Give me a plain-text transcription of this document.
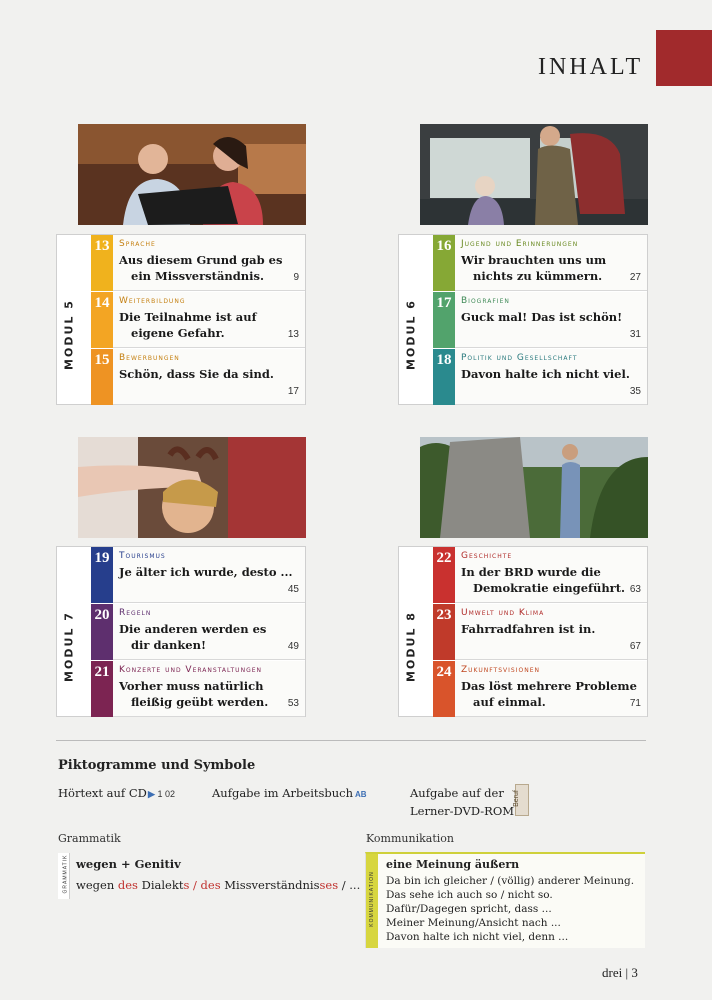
INHALT
MODUL 5
13	Sprache
Aus diesem Grund gab es
ein Missverständnis.	9
14	Weiterbildung
Die Teilnahme ist auf
eigene Gefahr.	13
15	Bewerbungen
Schön, dass Sie da sind.
17
MODUL 6
16	Jugend und Erinnerungen
Wir brauchten uns um
nichts zu kümmern.	27
17	Biografien
Guck mal! Das ist schön!
31
18	Politik und Gesellschaft
Davon halte ich nicht viel.
35
MODUL 7
19	Tourismus
Je älter ich wurde, desto ...
45
20	Regeln
Die anderen werden es
dir danken!	49
21	Konzerte und Veranstaltungen
Vorher muss natürlich
fleißig geübt werden. 53
MODUL 8
22	Geschichte
In der BRD wurde die
Demokratie eingeführt. 63
23	Umwelt und Klima
Fahrradfahren ist in.
67
24	Zukunftsvisionen
Das löst mehrere Probleme
auf einmal.	71
Piktogramme und Symbole
Hörtext auf CD ▶ 1 02	Aufgabe im Arbeitsbuch AB	Aufgabe auf der
Lerner-DVD-ROM
Beruf
Grammatik
GRAMMATIK wegen + Genitiv
wegen des Dialekts / des Missverständnisses / ...
Kommunikation
KOMMUNIKATION
eine Meinung äußern
Da bin ich gleicher / (völlig) anderer Meinung.
Das sehe ich auch so / nicht so.
Dafür/Dagegen spricht, dass ...
Meiner Meinung/Ansicht nach ...
Davon halte ich nicht viel, denn ...
drei | 3
